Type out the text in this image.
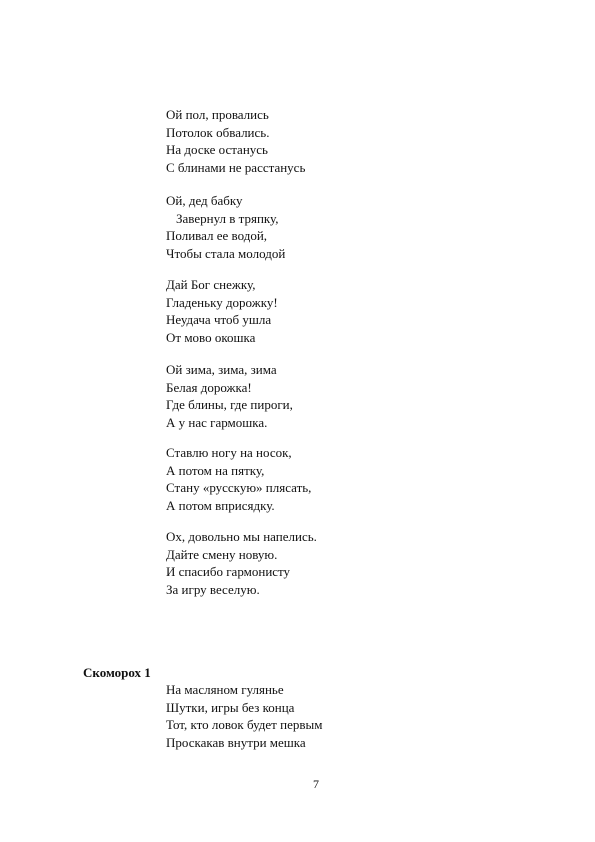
Ой пол, провались
Потолок обвались.
На доске останусь
С блинами не расстанусь
Ой, дед бабку
Завернул в тряпку,
Поливал ее водой,
Чтобы стала молодой
Дай Бог снежку,
Гладеньку дорожку!
Неудача чтоб ушла
От мово окошка
Ой зима, зима, зима
Белая дорожка!
Где блины, где пироги,
А у нас гармошка.
Ставлю ногу на носок,
А потом на пятку,
Стану «русскую» плясать,
А потом вприсядку.
Ох, довольно мы напелись.
Дайте смену новую.
И спасибо гармонисту
За игру веселую.
Скоморох 1
На масляном гулянье
Шутки, игры без конца
Тот, кто ловок будет первым
Проскакав внутри мешка
7
